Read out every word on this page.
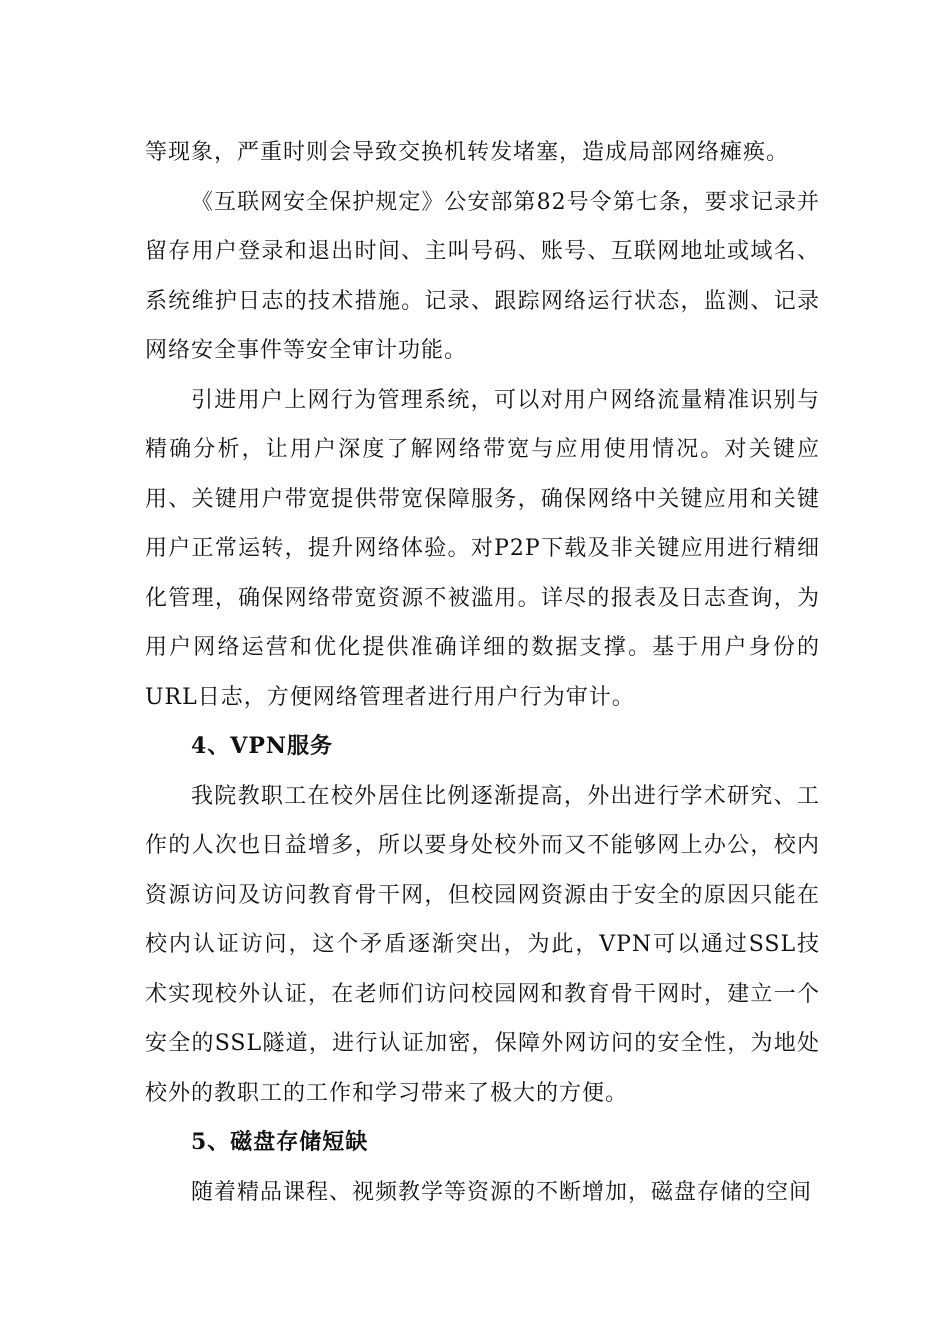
等现象，严重时则会导致交换机转发堵塞，造成局部网络瘫痪。

《互联网安全保护规定》公安部第82号令第七条，要求记录并留存用户登录和退出时间、主叫号码、账号、互联网地址或域名、系统维护日志的技术措施。记录、跟踪网络运行状态，监测、记录网络安全事件等安全审计功能。

引进用户上网行为管理系统，可以对用户网络流量精准识别与精确分析，让用户深度了解网络带宽与应用使用情况。对关键应用、关键用户带宽提供带宽保障服务，确保网络中关键应用和关键用户正常运转，提升网络体验。对P2P下载及非关键应用进行精细化管理，确保网络带宽资源不被滥用。详尽的报表及日志查询，为用户网络运营和优化提供准确详细的数据支撑。基于用户身份的URL日志，方便网络管理者进行用户行为审计。

4、VPN服务

我院教职工在校外居住比例逐渐提高，外出进行学术研究、工作的人次也日益增多，所以要身处校外而又不能够网上办公，校内资源访问及访问教育骨干网，但校园网资源由于安全的原因只能在校内认证访问，这个矛盾逐渐突出，为此，VPN可以通过SSL技术实现校外认证，在老师们访问校园网和教育骨干网时，建立一个安全的SSL隧道，进行认证加密，保障外网访问的安全性，为地处校外的教职工的工作和学习带来了极大的方便。

5、磁盘存储短缺

随着精品课程、视频教学等资源的不断增加，磁盘存储的空间
